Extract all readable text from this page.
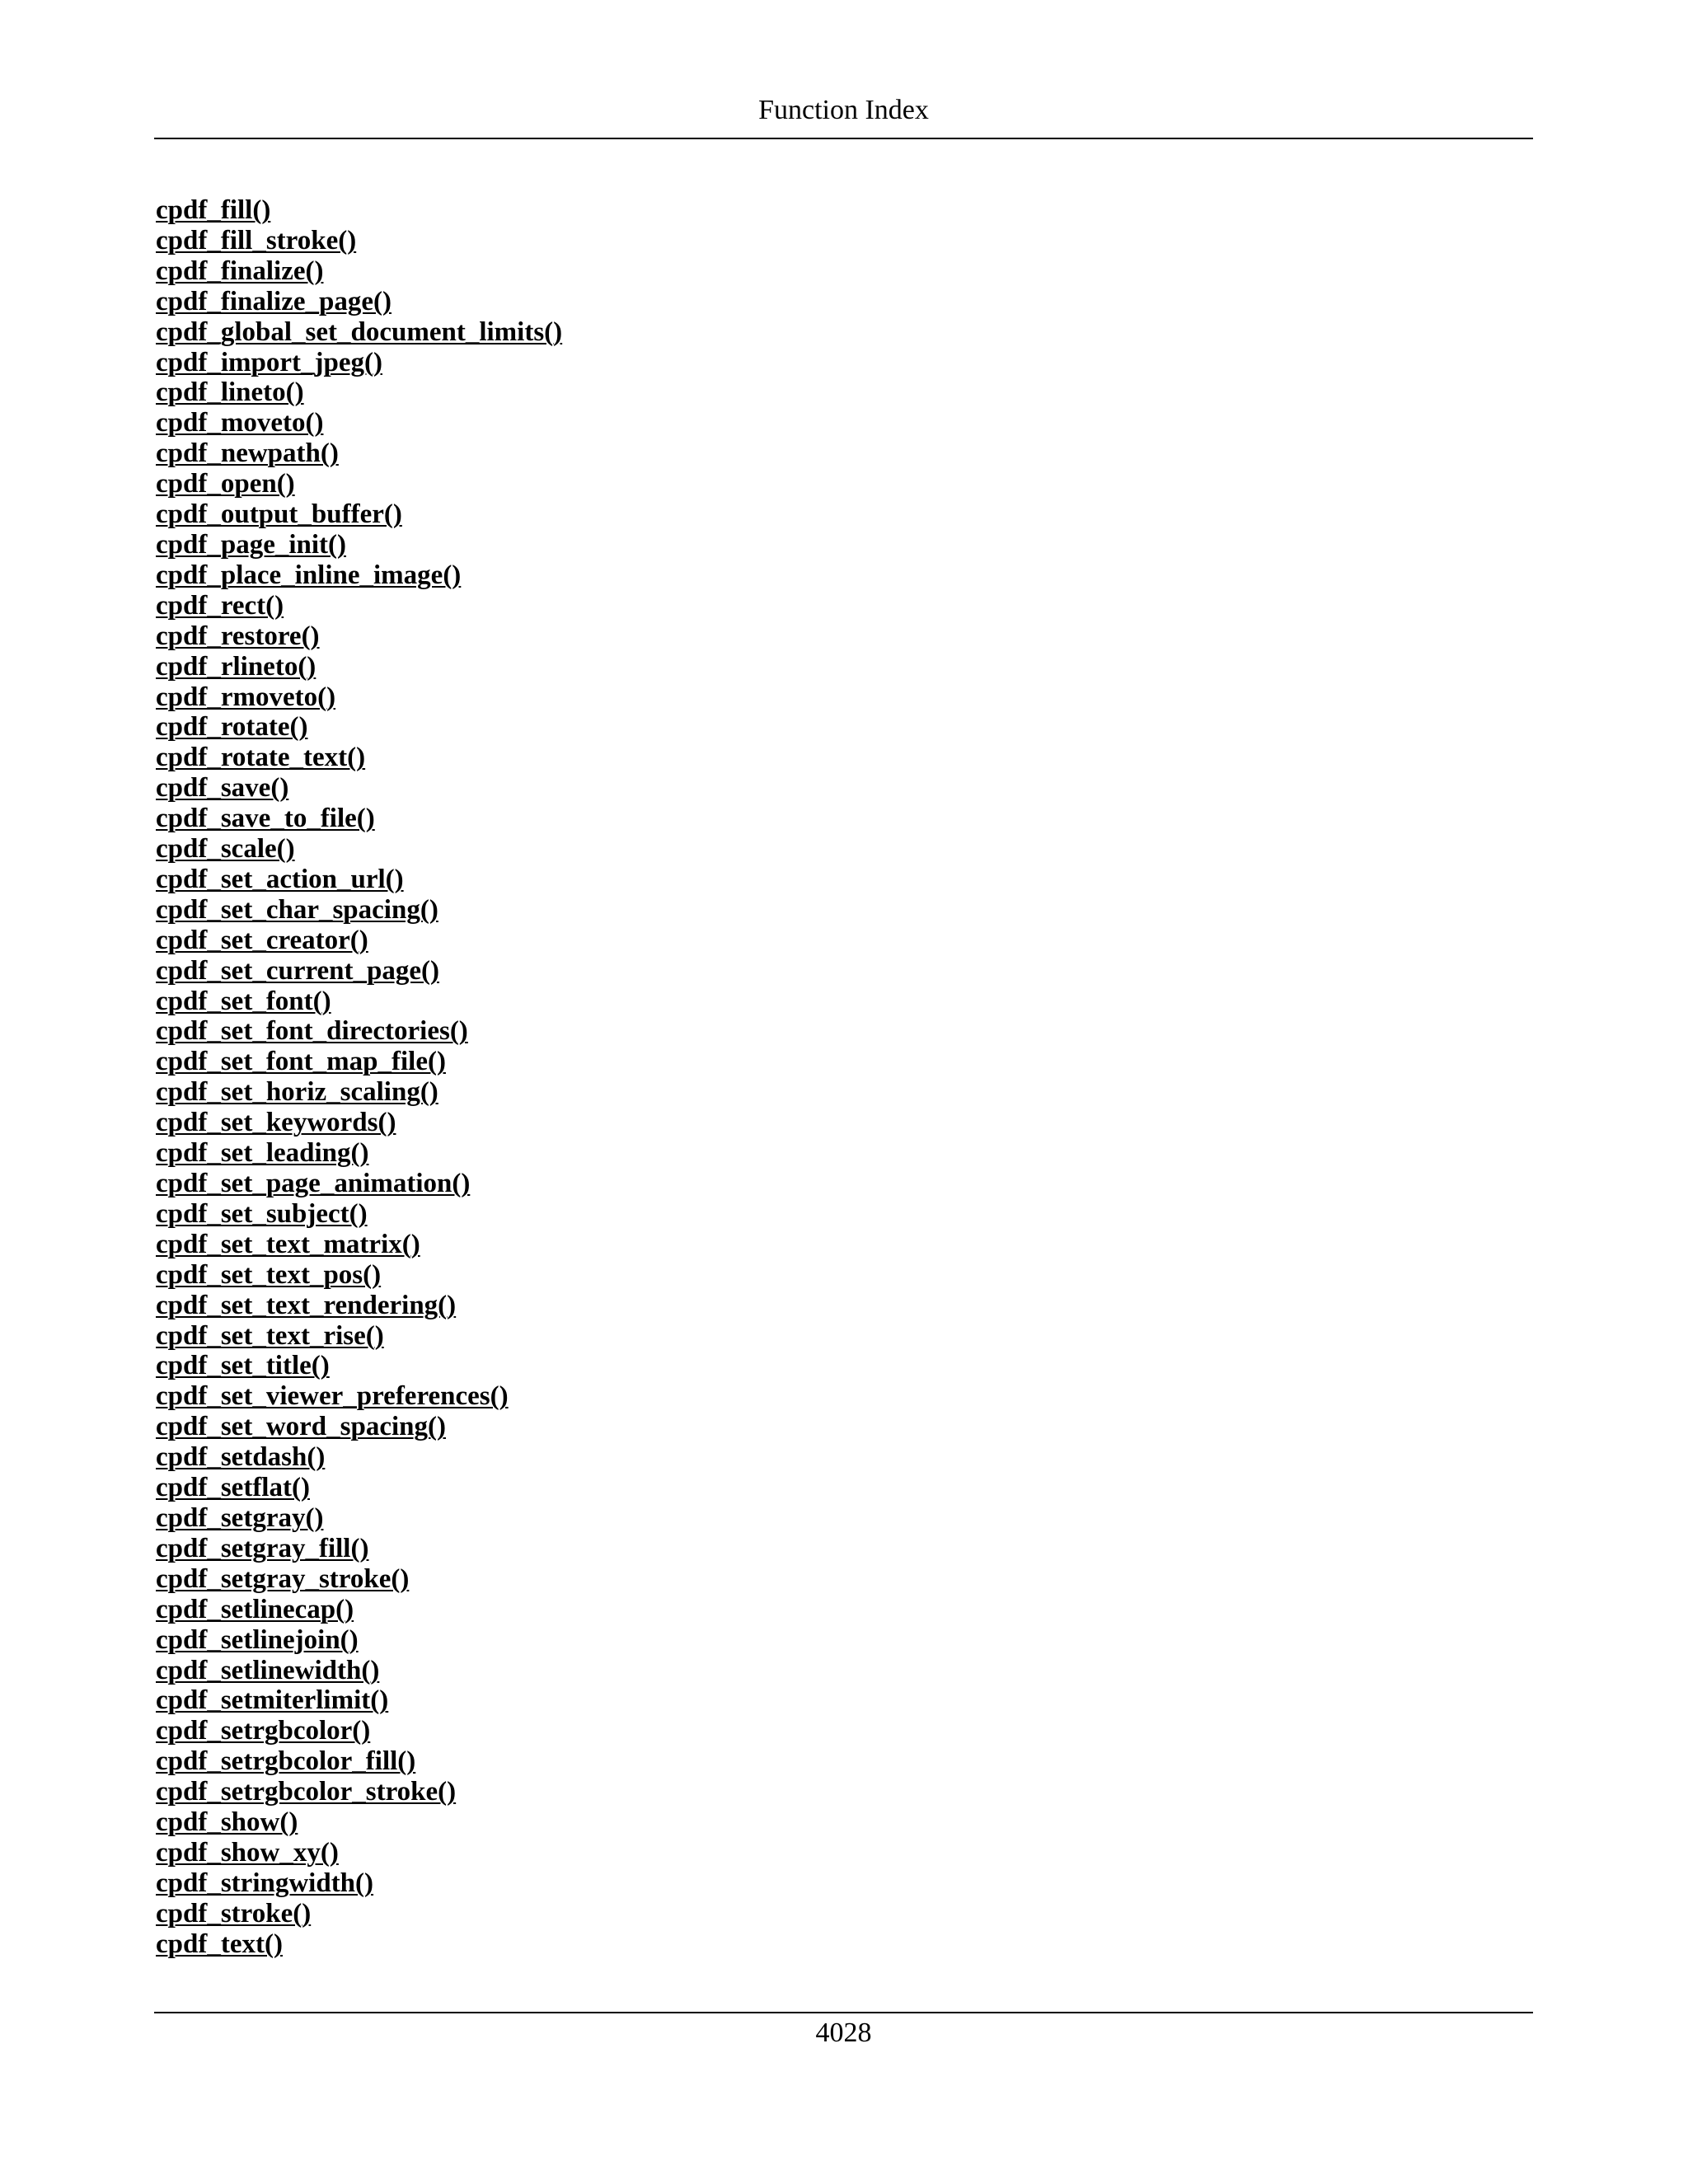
Function Index
cpdf_fill()
cpdf_fill_stroke()
cpdf_finalize()
cpdf_finalize_page()
cpdf_global_set_document_limits()
cpdf_import_jpeg()
cpdf_lineto()
cpdf_moveto()
cpdf_newpath()
cpdf_open()
cpdf_output_buffer()
cpdf_page_init()
cpdf_place_inline_image()
cpdf_rect()
cpdf_restore()
cpdf_rlineto()
cpdf_rmoveto()
cpdf_rotate()
cpdf_rotate_text()
cpdf_save()
cpdf_save_to_file()
cpdf_scale()
cpdf_set_action_url()
cpdf_set_char_spacing()
cpdf_set_creator()
cpdf_set_current_page()
cpdf_set_font()
cpdf_set_font_directories()
cpdf_set_font_map_file()
cpdf_set_horiz_scaling()
cpdf_set_keywords()
cpdf_set_leading()
cpdf_set_page_animation()
cpdf_set_subject()
cpdf_set_text_matrix()
cpdf_set_text_pos()
cpdf_set_text_rendering()
cpdf_set_text_rise()
cpdf_set_title()
cpdf_set_viewer_preferences()
cpdf_set_word_spacing()
cpdf_setdash()
cpdf_setflat()
cpdf_setgray()
cpdf_setgray_fill()
cpdf_setgray_stroke()
cpdf_setlinecap()
cpdf_setlinejoin()
cpdf_setlinewidth()
cpdf_setmiterlimit()
cpdf_setrgbcolor()
cpdf_setrgbcolor_fill()
cpdf_setrgbcolor_stroke()
cpdf_show()
cpdf_show_xy()
cpdf_stringwidth()
cpdf_stroke()
cpdf_text()
4028
